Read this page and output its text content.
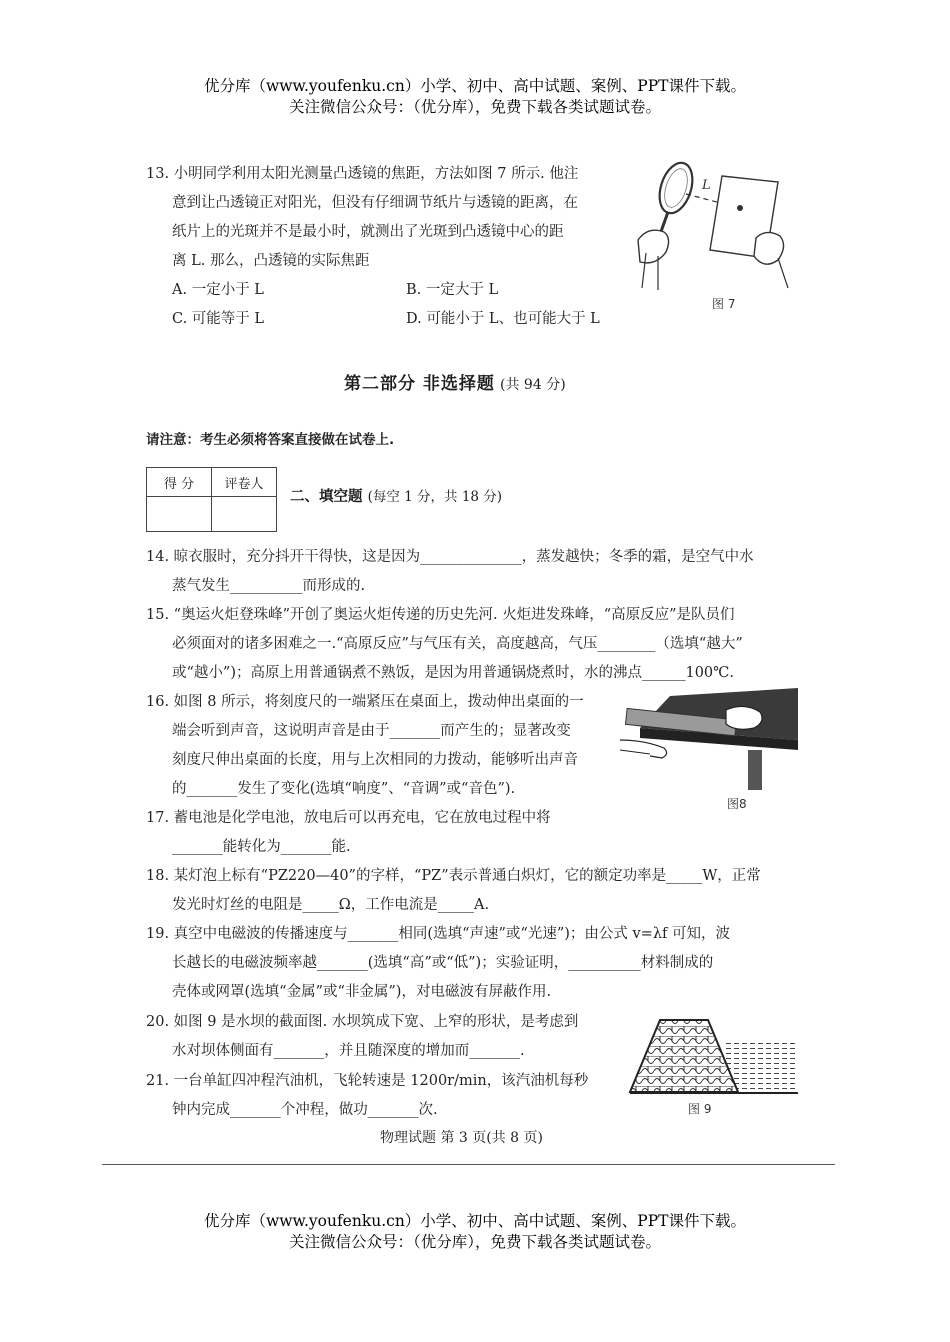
优分库（www.youfenku.cn）小学、初中、高中试题、案例、PPT课件下载。
关注微信公众号：（优分库），免费下载各类试题试卷。
13. 小明同学利用太阳光测量凸透镜的焦距，方法如图 7 所示. 他注
意到让凸透镜正对阳光，但没有仔细调节纸片与透镜的距离，在
纸片上的光斑并不是最小时，就测出了光斑到凸透镜中心的距
离 L. 那么，凸透镜的实际焦距
A. 一定小于 L	B. 一定大于 L
C. 可能等于 L	D. 可能小于 L、也可能大于 L
L
图 7
第二部分 非选择题 (共 94 分)
请注意：考生必须将答案直接做在试卷上.
得 分	评卷人

二、填空题 (每空 1 分，共 18 分)
14. 晾衣服时，充分抖开干得快，这是因为______________，蒸发越快；冬季的霜，是空气中水
蒸气发生__________而形成的.
15. “奥运火炬登珠峰”开创了奥运火炬传递的历史先河. 火炬进发珠峰，“高原反应”是队员们
必须面对的诸多困难之一.“高原反应”与气压有关，高度越高，气压________（选填“越大”
或“越小”)；高原上用普通锅煮不熟饭，是因为用普通锅烧煮时，水的沸点______100℃.
16. 如图 8 所示，将刻度尺的一端紧压在桌面上，拨动伸出桌面的一
端会听到声音，这说明声音是由于_______而产生的；显著改变
刻度尺伸出桌面的长度，用与上次相同的力拨动，能够听出声音
的_______发生了变化(选填“响度”、“音调”或“音色”).
图8
17. 蓄电池是化学电池，放电后可以再充电，它在放电过程中将
_______能转化为_______能.
18. 某灯泡上标有“PZ220—40”的字样，“PZ”表示普通白炽灯，它的额定功率是_____W，正常
发光时灯丝的电阻是_____Ω，工作电流是_____A.
19. 真空中电磁波的传播速度与_______相同(选填“声速”或“光速”)；由公式 v=λf 可知，波
长越长的电磁波频率越_______(选填“高”或“低”)；实验证明，__________材料制成的
壳体或网罩(选填“金属”或“非金属”)，对电磁波有屏蔽作用.
20. 如图 9 是水坝的截面图. 水坝筑成下宽、上窄的形状，是考虑到
水对坝体侧面有_______，并且随深度的增加而_______.
图 9
21. 一台单缸四冲程汽油机，飞轮转速是 1200r/min，该汽油机每秒
钟内完成_______个冲程，做功_______次.
物理试题 第 3 页(共 8 页)
优分库（www.youfenku.cn）小学、初中、高中试题、案例、PPT课件下载。
关注微信公众号：（优分库），免费下载各类试题试卷。
